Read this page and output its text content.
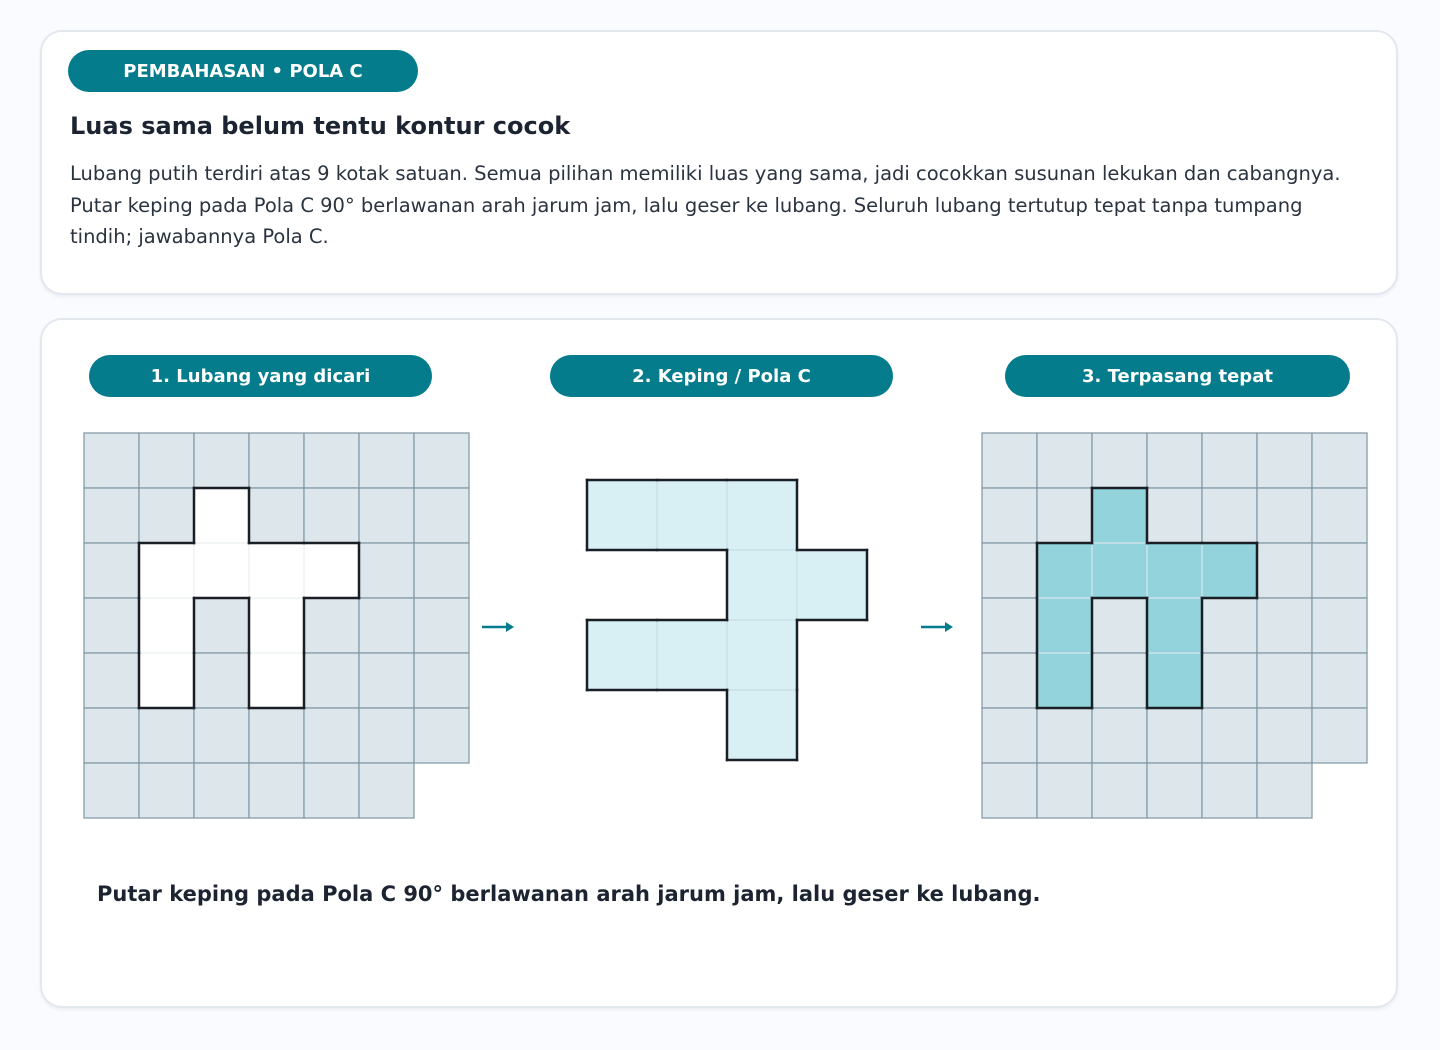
PEMBAHASAN • POLA C
Luas sama belum tentu kontur cocok

Lubang putih terdiri atas 9 kotak satuan. Semua pilihan memiliki luas yang sama, jadi cocokkan susunan lekukan dan cabangnya. Putar keping pada Pola C 90° berlawanan arah jarum jam, lalu geser ke lubang. Seluruh lubang tertutup tepat tanpa tumpang tindih; jawabannya Pola C.

1. Lubang yang dicari	2. Keping / Pola C	3. Terpasang tepat

Putar keping pada Pola C 90° berlawanan arah jarum jam, lalu geser ke lubang.
